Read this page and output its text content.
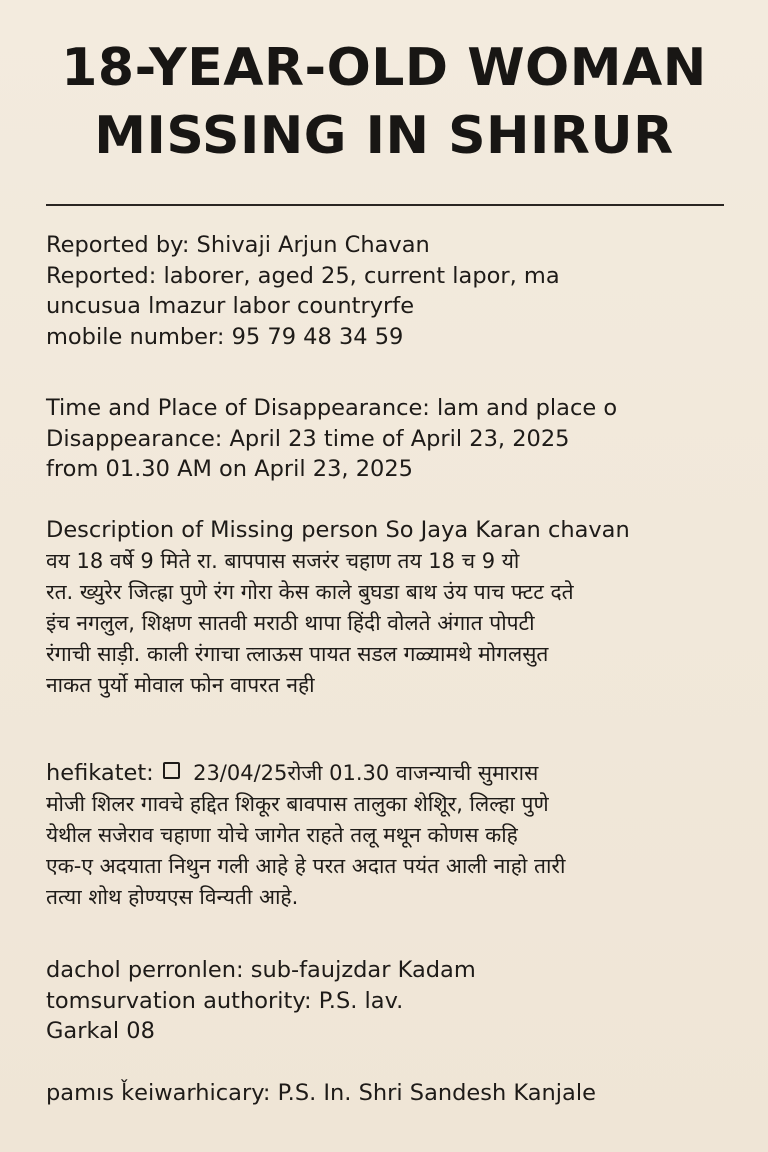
18-YEAR-OLD WOMAN
MISSING IN SHIRUR
Reported by: Shivaji Arjun Chavan
Reported: laborer, aged 25, current lapor, ma
uncusua lmazur labor countryrfe
mobile number: 95 79 48 34 59
Time and Place of Disappearance: lam and place o
Disappearance: April 23 time of April 23, 2025
from 01.30 AM on April 23, 2025
Description of Missing person So Jaya Karan chavan
वय 18 वर्षे 9 मिते रा. बापपास सजरंर चहाण तय 18 च 9 यो
रत. ख्युरेर जित्ह्रा पुणे रंग गोरा केस काले बुघडा बाथ उंय पाच फ्टट दते
इंच नगलुल, शिक्षण सातवी मराठी थापा हिंदी वोलते अंगात पोपटी
रंगाची साड़ी. काली रंगाचा त्लाऊस पायत सडल गळ्यामथे मोगलसुत
नाकत पुर्यो मोवाल फोन वापरत नही
hefikatet: 23/04/25रोजी 01.30 वाजन्याची सुमारास
मोजी शिलर गावचे हद्दित शिकूर बावपास तालुका शेशिूर, लिल्हा पुणे
येथील सजेराव चहाणा योचे जागेत राहते तलू मथून कोणस कहि
एक-ए अदयाता निथुन गली आहे हे परत अदात पयंत आली नाहो तारी
तत्या शोथ होण्यएस विन्यती आहे.
dachol perronlen: sub-faujzdar Kadam
tomsurvation authority: P.S. lav.
Garkal 08
pamıs ǩeiwarhicary: P.S. In. Shri Sandesh Kanjale
